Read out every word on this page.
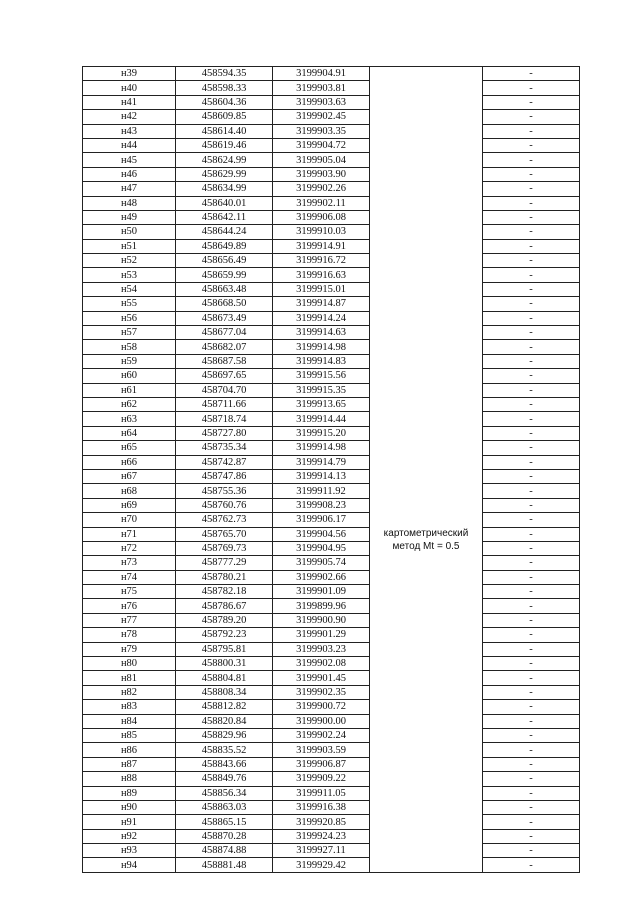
н39	458594.35	3199904.91		-
н40	458598.33	3199903.81		-
н41	458604.36	3199903.63		-
н42	458609.85	3199902.45		-
н43	458614.40	3199903.35		-
н44	458619.46	3199904.72		-
н45	458624.99	3199905.04		-
н46	458629.99	3199903.90		-
н47	458634.99	3199902.26		-
н48	458640.01	3199902.11		-
н49	458642.11	3199906.08		-
н50	458644.24	3199910.03		-
н51	458649.89	3199914.91		-
н52	458656.49	3199916.72		-
н53	458659.99	3199916.63		-
н54	458663.48	3199915.01		-
н55	458668.50	3199914.87		-
н56	458673.49	3199914.24		-
н57	458677.04	3199914.63		-
н58	458682.07	3199914.98		-
н59	458687.58	3199914.83		-
н60	458697.65	3199915.56		-
н61	458704.70	3199915.35		-
н62	458711.66	3199913.65		-
н63	458718.74	3199914.44		-
н64	458727.80	3199915.20		-
н65	458735.34	3199914.98		-
н66	458742.87	3199914.79		-
н67	458747.86	3199914.13		-
н68	458755.36	3199911.92		-
н69	458760.76	3199908.23		-
н70	458762.73	3199906.17		-
н71	458765.70	3199904.56	картометрический
метод Mt = 0.5	-
н72	458769.73	3199904.95		-
н73	458777.29	3199905.74		-
н74	458780.21	3199902.66		-
н75	458782.18	3199901.09		-
н76	458786.67	3199899.96		-
н77	458789.20	3199900.90		-
н78	458792.23	3199901.29		-
н79	458795.81	3199903.23		-
н80	458800.31	3199902.08		-
н81	458804.81	3199901.45		-
н82	458808.34	3199902.35		-
н83	458812.82	3199900.72		-
н84	458820.84	3199900.00		-
н85	458829.96	3199902.24		-
н86	458835.52	3199903.59		-
н87	458843.66	3199906.87		-
н88	458849.76	3199909.22		-
н89	458856.34	3199911.05		-
н90	458863.03	3199916.38		-
н91	458865.15	3199920.85		-
н92	458870.28	3199924.23		-
н93	458874.88	3199927.11		-
н94	458881.48	3199929.42		-
